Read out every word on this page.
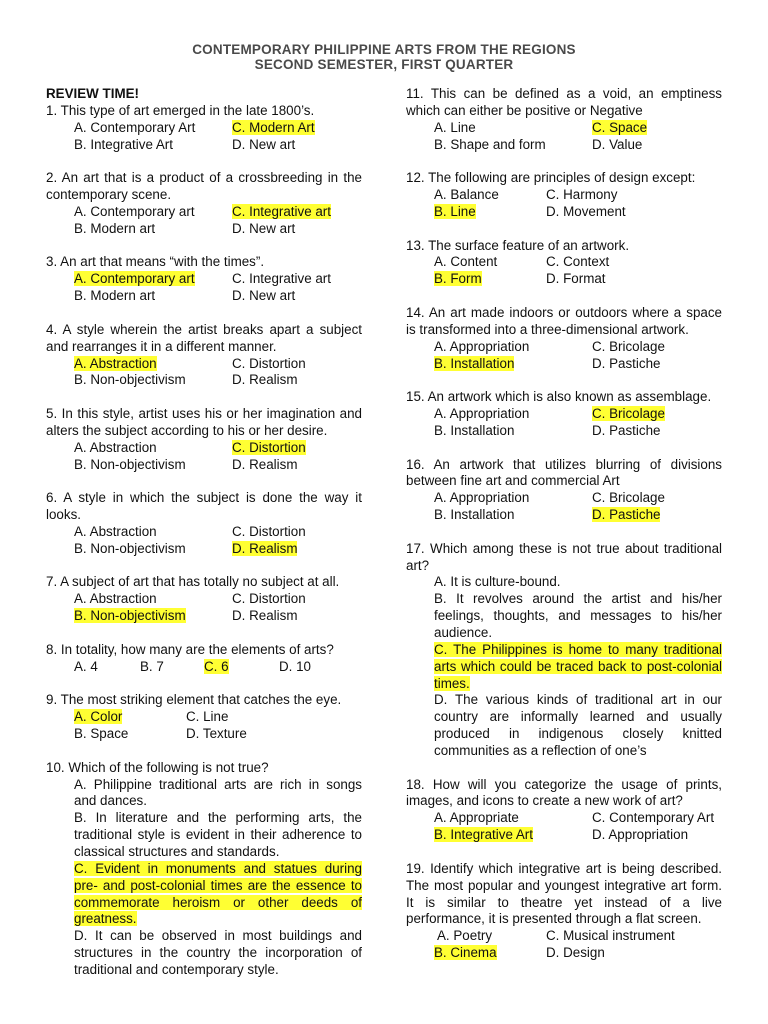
CONTEMPORARY PHILIPPINE ARTS FROM THE REGIONS
SECOND SEMESTER, FIRST QUARTER
REVIEW TIME!
1. This type of art emerged in the late 1800’s.
A. Contemporary Art	C. Modern Art
B. Integrative Art	D. New art
2. An art that is a product of a crossbreeding in the contemporary scene.
A. Contemporary art	C. Integrative art
B. Modern art	D. New art
3. An art that means “with the times”.
A. Contemporary art	C. Integrative art
B. Modern art	D. New art
4. A style wherein the artist breaks apart a subject and rearranges it in a different manner.
A. Abstraction	C. Distortion
B. Non-objectivism	D. Realism
5. In this style, artist uses his or her imagination and alters the subject according to his or her desire.
A. Abstraction	C. Distortion
B. Non-objectivism	D. Realism
6. A style in which the subject is done the way it looks.
A. Abstraction	C. Distortion
B. Non-objectivism	D. Realism
7. A subject of art that has totally no subject at all.
A. Abstraction	C. Distortion
B. Non-objectivism	D. Realism
8. In totality, how many are the elements of arts?
A. 4	B. 7	C. 6	D. 10
9. The most striking element that catches the eye.
A. Color	C. Line
B. Space	D. Texture
10. Which of the following is not true?
A. Philippine traditional arts are rich in songs and dances.
B. In literature and the performing arts, the traditional style is evident in their adherence to classical structures and standards.
C. Evident in monuments and statues during pre- and post-colonial times are the essence to commemorate heroism or other deeds of greatness.
D. It can be observed in most buildings and structures in the country the incorporation of traditional and contemporary style.
11. This can be defined as a void, an emptiness which can either be positive or Negative
A. Line	C. Space
B. Shape and form	D. Value
12. The following are principles of design except:
A. Balance	C. Harmony
B. Line	D. Movement
13. The surface feature of an artwork.
A. Content	C. Context
B. Form	D. Format
14. An art made indoors or outdoors where a space is transformed into a three-dimensional artwork.
A. Appropriation	C. Bricolage
B. Installation	D. Pastiche
15. An artwork which is also known as assemblage.
A. Appropriation	C. Bricolage
B. Installation	D. Pastiche
16. An artwork that utilizes blurring of divisions between fine art and commercial Art
A. Appropriation	C. Bricolage
B. Installation	D. Pastiche
17. Which among these is not true about traditional art?
A. It is culture-bound.
B. It revolves around the artist and his/her feelings, thoughts, and messages to his/her audience.
C. The Philippines is home to many traditional arts which could be traced back to post-colonial times.
D. The various kinds of traditional art in our country are informally learned and usually produced in indigenous closely knitted communities as a reflection of one’s
18. How will you categorize the usage of prints, images, and icons to create a new work of art?
A. Appropriate	C. Contemporary Art
B. Integrative Art	D. Appropriation
19. Identify which integrative art is being described. The most popular and youngest integrative art form. It is similar to theatre yet instead of a live performance, it is presented through a flat screen.
A. Poetry	C. Musical instrument
B. Cinema	D. Design
